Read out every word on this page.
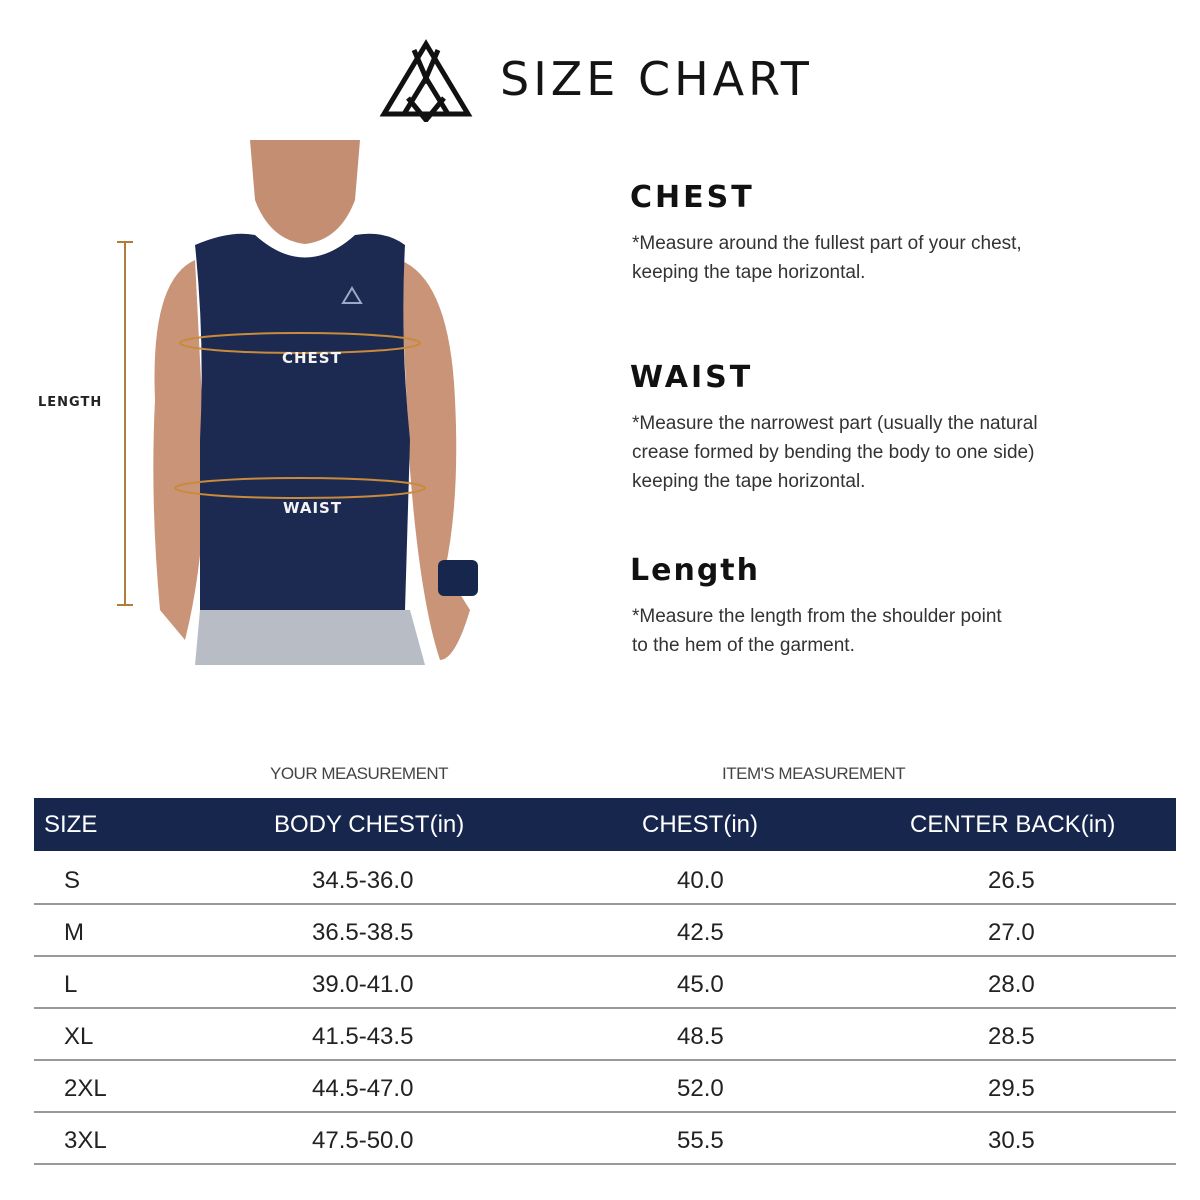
SIZE CHART
LENGTH
CHEST
WAIST
CHEST

*Measure around the fullest part of your chest,
keeping the tape horizontal.

WAIST

*Measure the narrowest part (usually the natural
crease formed by bending the body to one side)
keeping the tape horizontal.

Length

*Measure the length from the shoulder point
to the hem of the garment.

YOUR MEASUREMENT	ITEM'S MEASUREMENT
SIZE	BODY CHEST(in)	CHEST(in)	CENTER BACK(in)
S	34.5-36.0	40.0	26.5
M	36.5-38.5	42.5	27.0
L	39.0-41.0	45.0	28.0
XL	41.5-43.5	48.5	28.5
2XL	44.5-47.0	52.0	29.5
3XL	47.5-50.0	55.5	30.5
